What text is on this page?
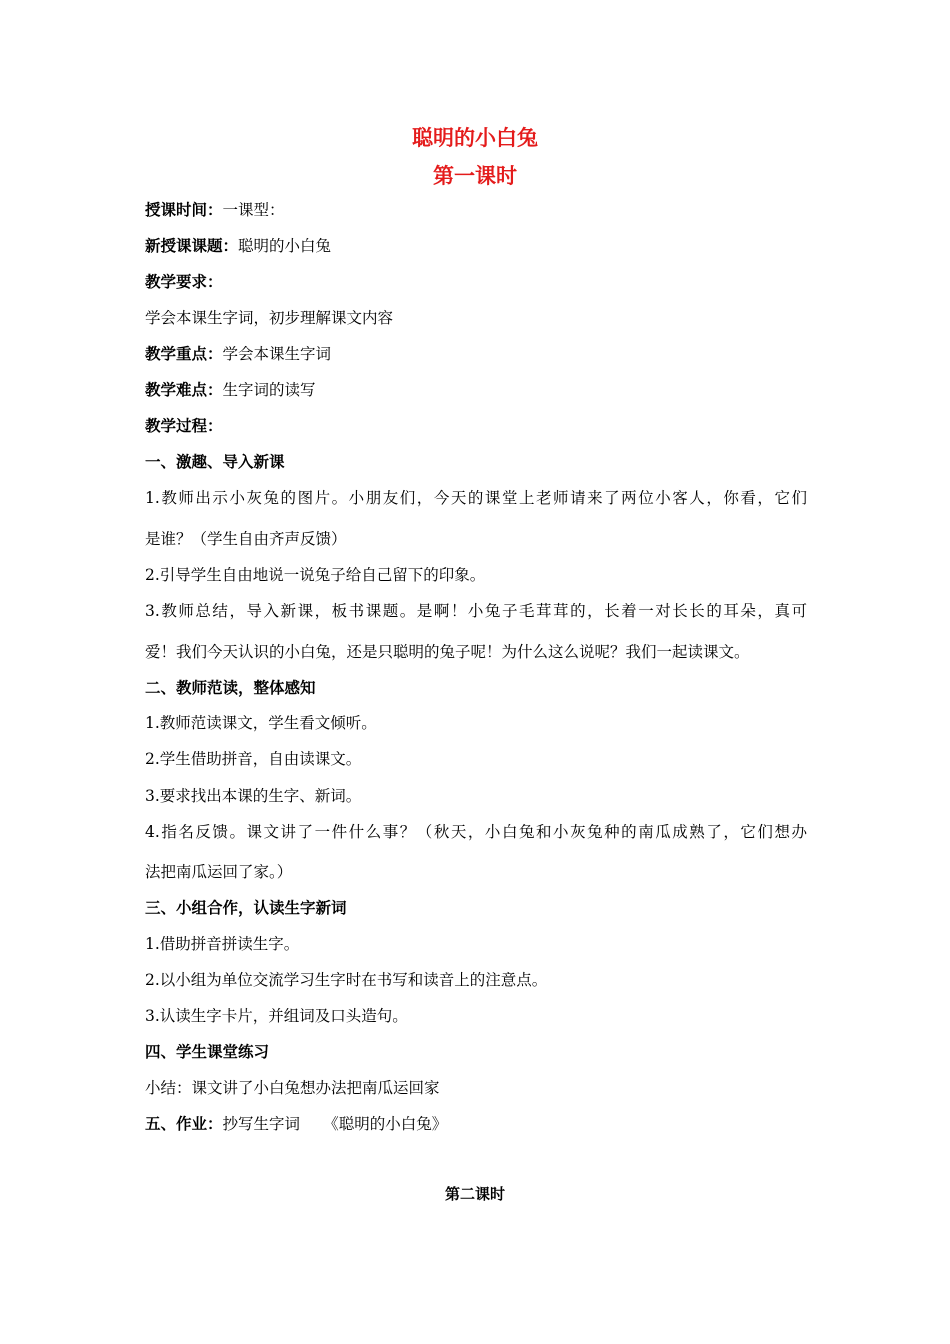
聪明的小白兔
第一课时
授课时间：一课型：
新授课课题：聪明的小白兔
教学要求：
学会本课生字词，初步理解课文内容
教学重点：学会本课生字词
教学难点：生字词的读写
教学过程：
一、激趣、导入新课
1.教师出示小灰兔的图片。小朋友们，今天的课堂上老师请来了两位小客人，你看，它们
是谁？（学生自由齐声反馈）
2.引导学生自由地说一说兔子给自己留下的印象。
3.教师总结，导入新课，板书课题。是啊！小兔子毛茸茸的，长着一对长长的耳朵，真可
爱！我们今天认识的小白兔，还是只聪明的兔子呢！为什么这么说呢？我们一起读课文。
二、教师范读，整体感知
1.教师范读课文，学生看文倾听。
2.学生借助拼音，自由读课文。
3.要求找出本课的生字、新词。
4.指名反馈。课文讲了一件什么事？（秋天，小白兔和小灰兔种的南瓜成熟了，它们想办
法把南瓜运回了家。）
三、小组合作，认读生字新词
1.借助拼音拼读生字。
2.以小组为单位交流学习生字时在书写和读音上的注意点。
3.认读生字卡片，并组词及口头造句。
四、学生课堂练习
小结：课文讲了小白兔想办法把南瓜运回家
五、作业：抄写生字词　　《聪明的小白兔》
第二课时
